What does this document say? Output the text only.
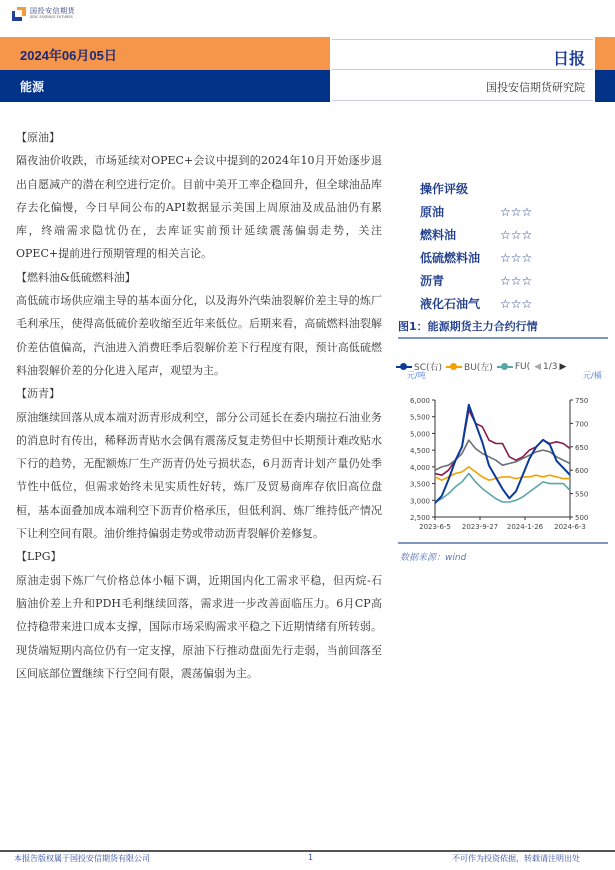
国投安信期货
SDIC ESSENCE FUTURES
2024年06月05日
能源
日报
国投安信期货研究院

【原油】

隔夜油价收跌，市场延续对OPEC+会议中提到的2024年10月开始逐步退出自愿减产的潜在利空进行定价。目前中美开工率企稳回升，但全球油品库存去化偏慢，今日早间公布的API数据显示美国上周原油及成品油仍有累库，终端需求隐忧仍在，去库证实前预计延续震荡偏弱走势，关注OPEC+提前进行预期管理的相关言论。

【燃料油&低硫燃料油】

高低硫市场供应端主导的基本面分化，以及海外汽柴油裂解价差主导的炼厂毛利承压，使得高低硫价差收缩至近年来低位。后期来看，高硫燃料油裂解价差估值偏高，汽油进入消费旺季后裂解价差下行程度有限，预计高低硫燃料油裂解价差的分化进入尾声，观望为主。

【沥青】

原油继续回落从成本端对沥青形成利空，部分公司延长在委内瑞拉石油业务的消息时有传出，稀释沥青贴水会偶有震荡反复走势但中长期预计难改贴水下行的趋势，无配额炼厂生产沥青仍处亏损状态，6月沥青计划产量仍处季节性中低位，但需求始终未见实质性好转，炼厂及贸易商库存依旧高位盘桓，基本面叠加成本端利空下沥青价格承压，但低利润、炼厂维持低产情况下让利空间有限。油价维持偏弱走势或带动沥青裂解价差修复。

【LPG】

原油走弱下炼厂气价格总体小幅下调，近期国内化工需求平稳，但丙烷-石脑油价差上升和PDH毛利继续回落，需求进一步改善面临压力。6月CP高位持稳带来进口成本支撑，国际市场采购需求平稳之下近期情绪有所转弱。现货端短期内高位仍有一定支撑，原油下行推动盘面先行走弱，当前回落至区间底部位置继续下行空间有限，震荡偏弱为主。

操作评级
原油	☆☆☆
燃料油	☆☆☆
低硫燃料油	☆☆☆
沥青	☆☆☆
液化石油气	☆☆☆
图1：能源期货主力合约行情
SC(右) BU(左) FU( ◀ 1/3 ▶
元/吨	元/桶
2,500
3,000
3,500
4,000
4,500
5,000
5,500
6,000
500
550
600
650
700
750
2023-6-5 2023-9-27 2024-1-26 2024-6-3
数据来源：wind
本报告版权属于国投安信期货有限公司	1	不可作为投资依据，转载请注明出处
